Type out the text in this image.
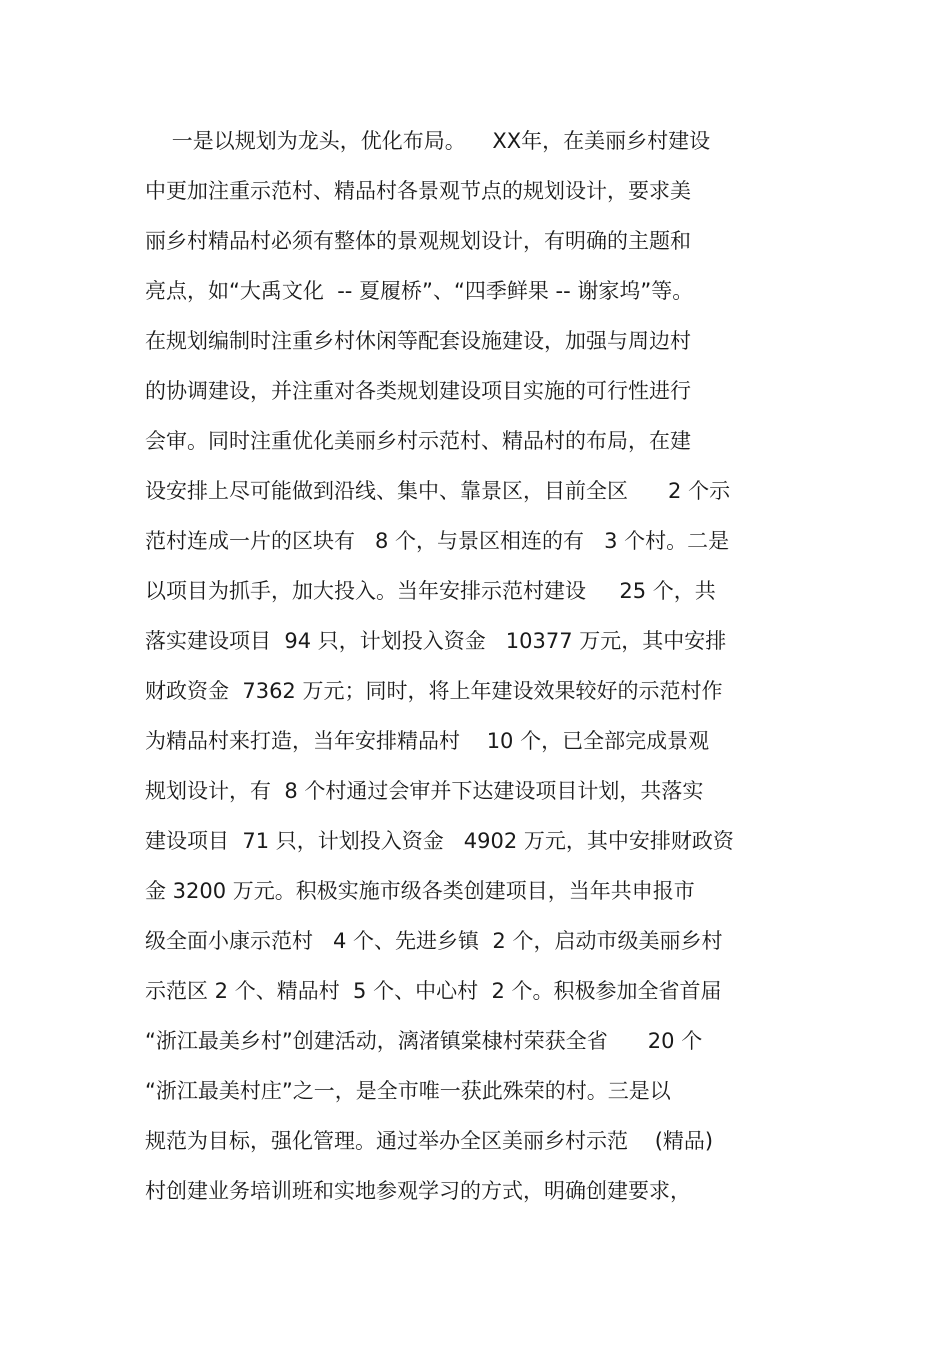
一是以规划为龙头，优化布局。    XX年，在美丽乡村建设

中更加注重示范村、精品村各景观节点的规划设计，要求美

丽乡村精品村必须有整体的景观规划设计，有明确的主题和

亮点，如“大禹文化  -- 夏履桥”、“四季鲜果 -- 谢家坞”等。

在规划编制时注重乡村休闲等配套设施建设，加强与周边村

的协调建设，并注重对各类规划建设项目实施的可行性进行

会审。同时注重优化美丽乡村示范村、精品村的布局，在建

设安排上尽可能做到沿线、集中、靠景区，目前全区      2 个示

范村连成一片的区块有   8 个，与景区相连的有   3 个村。二是

以项目为抓手，加大投入。当年安排示范村建设     25 个，共

落实建设项目  94 只，计划投入资金   10377 万元，其中安排

财政资金  7362 万元；同时，将上年建设效果较好的示范村作

为精品村来打造，当年安排精品村    10 个，已全部完成景观

规划设计，有  8 个村通过会审并下达建设项目计划，共落实

建设项目  71 只，计划投入资金   4902 万元，其中安排财政资

金 3200 万元。积极实施市级各类创建项目，当年共申报市

级全面小康示范村   4 个、先进乡镇  2 个，启动市级美丽乡村

示范区 2 个、精品村  5 个、中心村  2 个。积极参加全省首届

“浙江最美乡村”创建活动，漓渚镇棠棣村荣获全省      20 个

“浙江最美村庄”之一，是全市唯一获此殊荣的村。三是以

规范为目标，强化管理。通过举办全区美丽乡村示范    (精品)

村创建业务培训班和实地参观学习的方式，明确创建要求，
